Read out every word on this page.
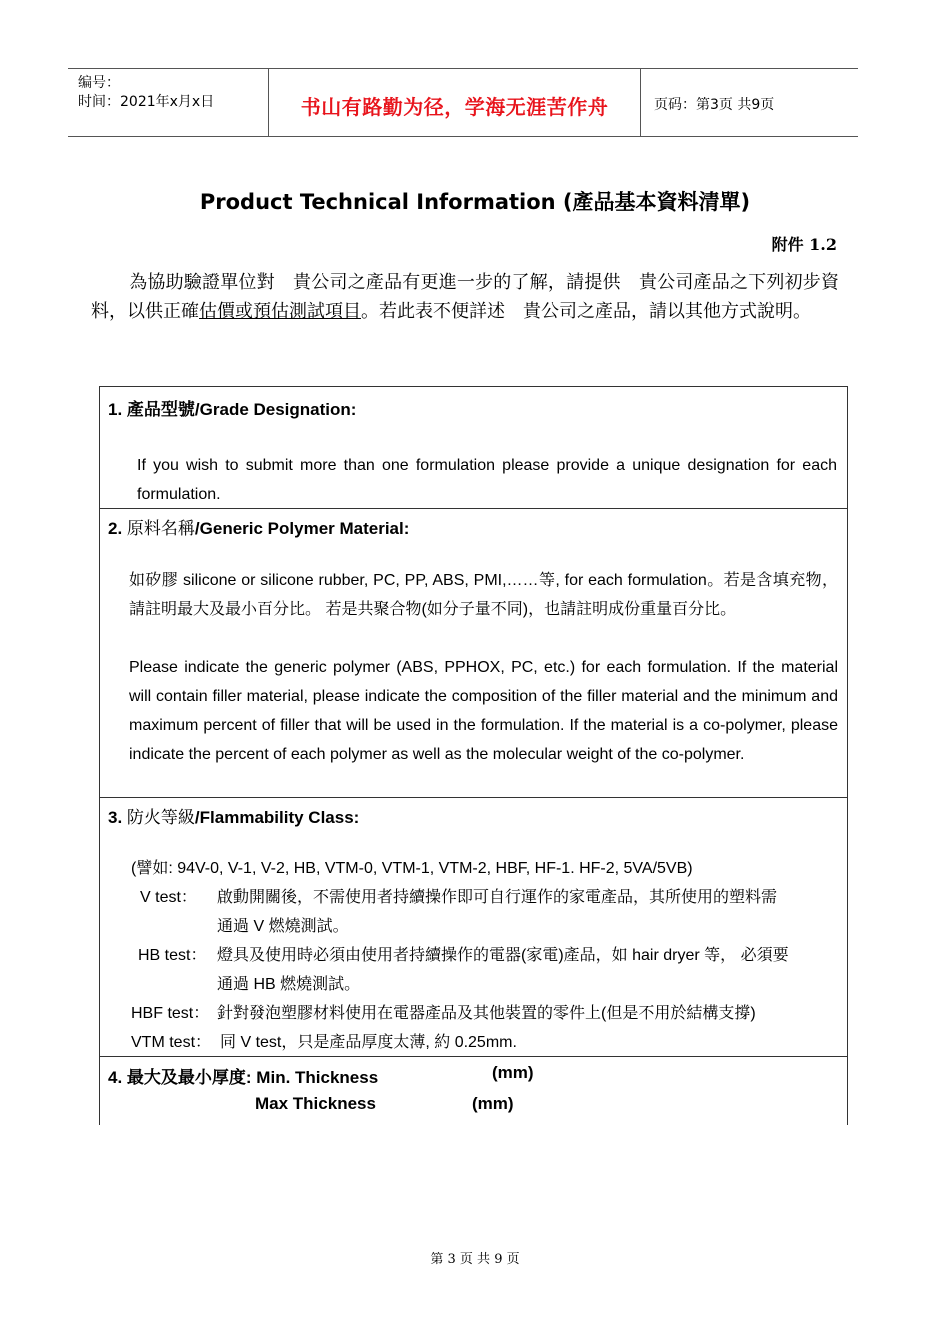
编号：
时间：2021年x月x日	书山有路勤为径，学海无涯苦作舟	页码：第3页 共9页
Product Technical Information (產品基本資料清單)
附件 1.2
為協助驗證單位對　貴公司之產品有更進一步的了解，請提供　貴公司產品之下列初步資料，以供正確估價或預估測試項目。若此表不便詳述　貴公司之產品，請以其他方式說明。
1. 產品型號/Grade Designation:
If you wish to submit more than one formulation please provide a unique designation for each formulation.
2. 原料名稱/Generic Polymer Material:
如矽膠 silicone or silicone rubber, PC, PP, ABS, PMI,……等, for each formulation。若是含填充物， 請註明最大及最小百分比。 若是共聚合物(如分子量不同)，也請註明成份重量百分比。
Please indicate the generic polymer (ABS, PPHOX, PC, etc.) for each formulation. If the material will contain filler material, please indicate the composition of the filler material and the minimum and maximum percent of filler that will be used in the formulation. If the material is a co-polymer, please indicate the percent of each polymer as well as the molecular weight of the co-polymer.
3. 防火等級/Flammability Class:
(譬如: 94V-0, V-1, V-2, HB, VTM-0, VTM-1, VTM-2, HBF, HF-1. HF-2, 5VA/5VB)
V test： 啟動開關後，不需使用者持續操作即可自行運作的家電產品，其所使用的塑料需
通過 V 燃燒測試。
HB test： 燈具及使用時必須由使用者持續操作的電器(家電)產品，如 hair dryer 等， 必須要
通過 HB 燃燒測試。
HBF test： 針對發泡塑膠材料使用在電器產品及其他裝置的零件上(但是不用於結構支撐)
VTM test： 同 V test，只是產品厚度太薄, 約 0.25mm.
4. 最大及最小厚度: Min. Thickness	(mm)
Max Thickness	(mm)
第 3 页 共 9 页
